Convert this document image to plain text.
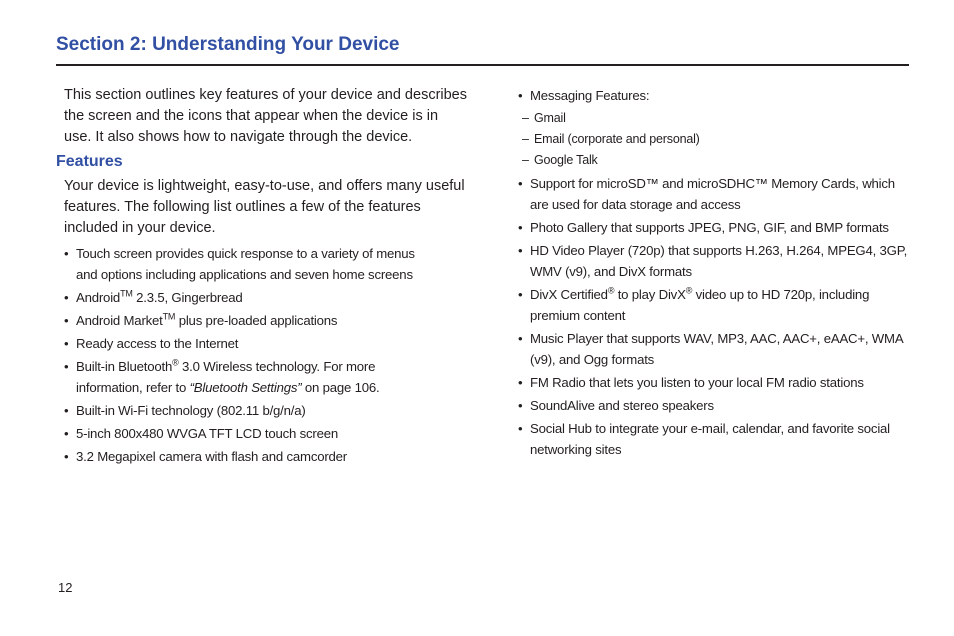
Section 2: Understanding Your Device

This section outlines key features of your device and describes the screen and the icons that appear when the device is in use. It also shows how to navigate through the device.

Features

Your device is lightweight, easy-to-use, and offers many useful features. The following list outlines a few of the features included in your device.

• Touch screen provides quick response to a variety of menus and options including applications and seven home screens
• Android™ 2.3.5, Gingerbread
• Android Market™ plus pre-loaded applications
• Ready access to the Internet
• Built-in Bluetooth® 3.0 Wireless technology. For more information, refer to “Bluetooth Settings” on page 106.
• Built-in Wi-Fi technology (802.11 b/g/n/a)
• 5-inch 800x480 WVGA TFT LCD touch screen
• 3.2 Megapixel camera with flash and camcorder
• Messaging Features:
– Gmail
– Email (corporate and personal)
– Google Talk
• Support for microSD™ and microSDHC™ Memory Cards, which are used for data storage and access
• Photo Gallery that supports JPEG, PNG, GIF, and BMP formats
• HD Video Player (720p) that supports H.263, H.264, MPEG4, 3GP, WMV (v9), and DivX formats
• DivX Certified® to play DivX® video up to HD 720p, including premium content
• Music Player that supports WAV, MP3, AAC, AAC+, eAAC+, WMA (v9), and Ogg formats
• FM Radio that lets you listen to your local FM radio stations
• SoundAlive and stereo speakers
• Social Hub to integrate your e-mail, calendar, and favorite social networking sites
12
